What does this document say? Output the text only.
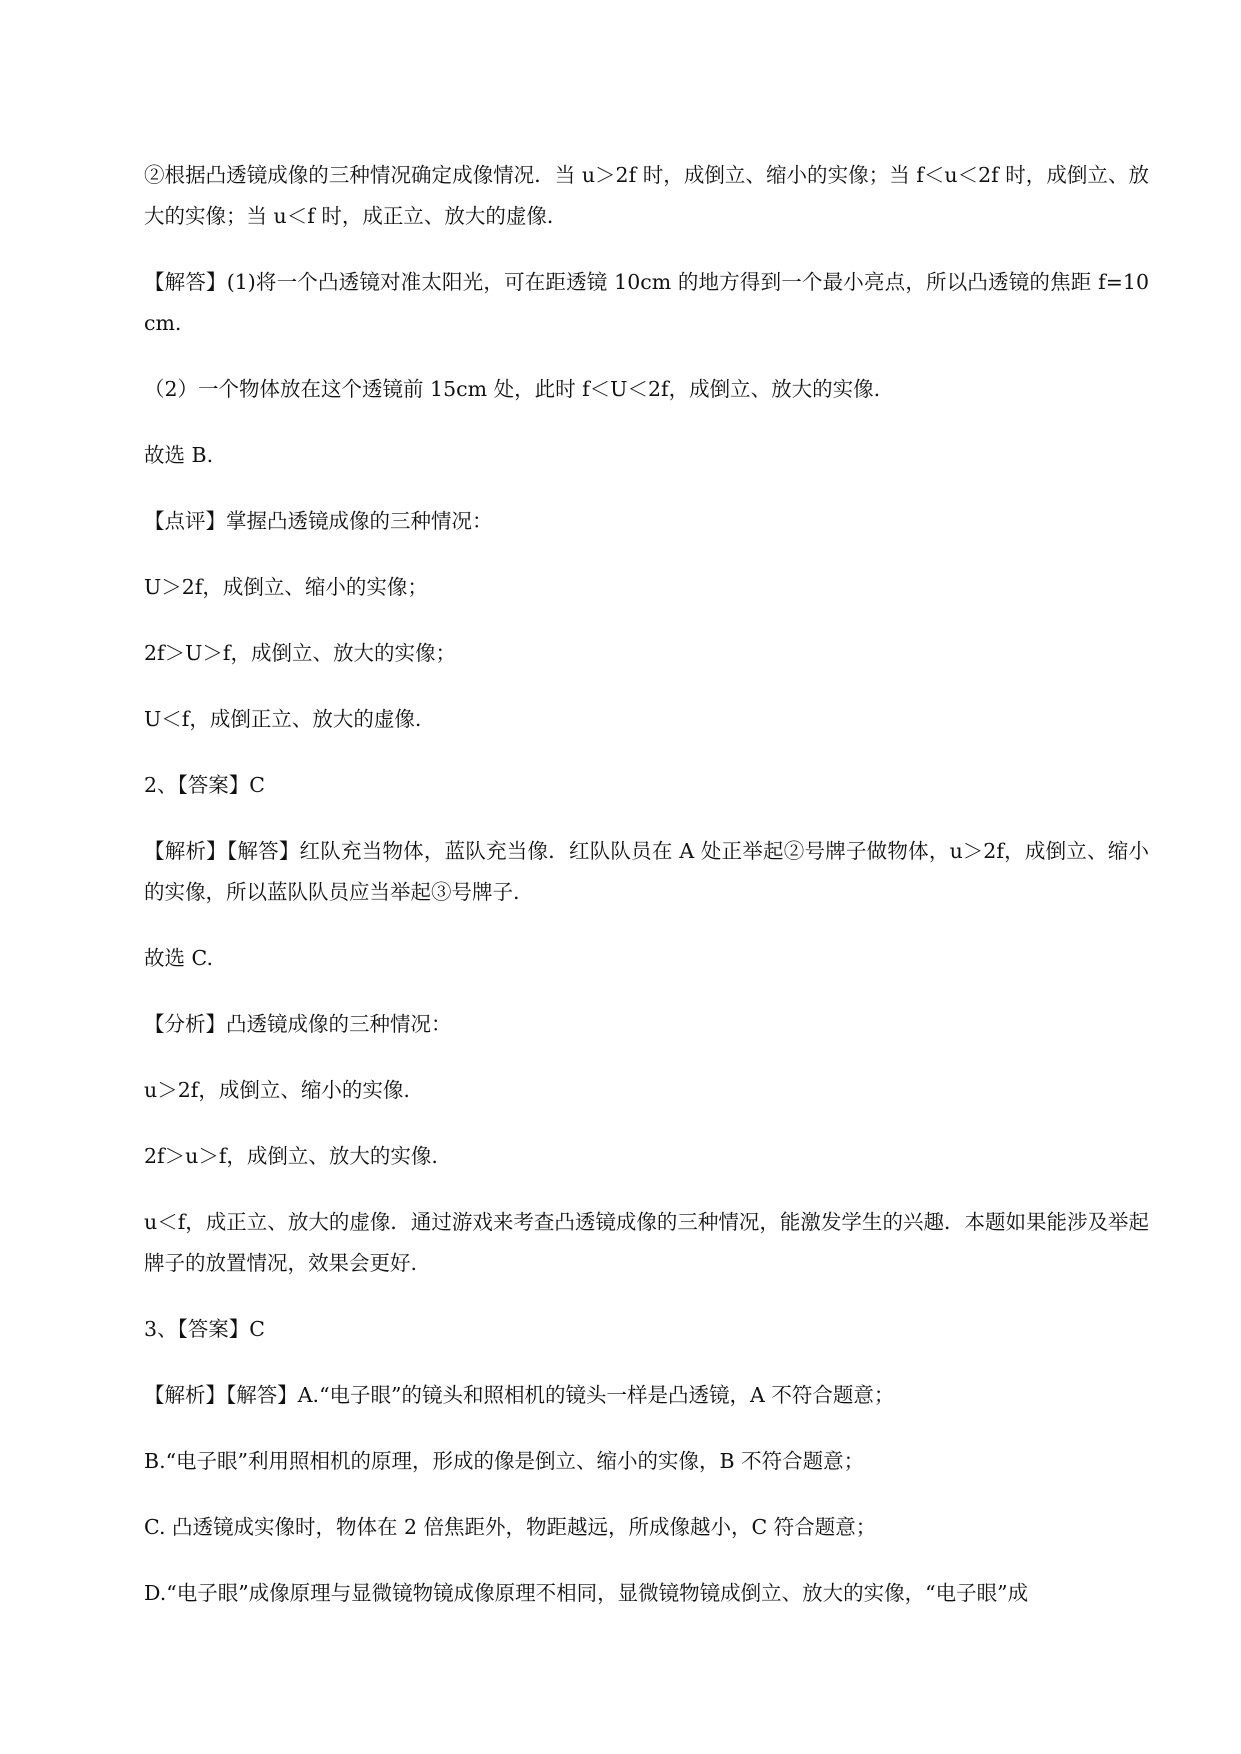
②根据凸透镜成像的三种情况确定成像情况．当 u＞2f 时，成倒立、缩小的实像；当 f＜u＜2f 时，成倒立、放大的实像；当 u＜f 时，成正立、放大的虚像．

【解答】(1)将一个凸透镜对准太阳光，可在距透镜 10cm 的地方得到一个最小亮点，所以凸透镜的焦距 f=10cm.

（2）一个物体放在这个透镜前 15cm 处，此时 f＜U＜2f，成倒立、放大的实像.

故选 B.

【点评】掌握凸透镜成像的三种情况：

U＞2f，成倒立、缩小的实像；

2f＞U＞f，成倒立、放大的实像；

U＜f，成倒正立、放大的虚像.

2、【答案】C

【解析】【解答】红队充当物体，蓝队充当像．红队队员在 A 处正举起②号牌子做物体，u＞2f，成倒立、缩小的实像，所以蓝队队员应当举起③号牌子.

故选 C.

【分析】凸透镜成像的三种情况：

u＞2f，成倒立、缩小的实像.

2f＞u＞f，成倒立、放大的实像.

u＜f，成正立、放大的虚像．通过游戏来考查凸透镜成像的三种情况，能激发学生的兴趣．本题如果能涉及举起牌子的放置情况，效果会更好.

3、【答案】C

【解析】【解答】A.“电子眼”的镜头和照相机的镜头一样是凸透镜，A 不符合题意；

B.“电子眼”利用照相机的原理，形成的像是倒立、缩小的实像，B 不符合题意；

C. 凸透镜成实像时，物体在 2 倍焦距外，物距越远，所成像越小，C 符合题意；

D.“电子眼”成像原理与显微镜物镜成像原理不相同，显微镜物镜成倒立、放大的实像，“电子眼”成
